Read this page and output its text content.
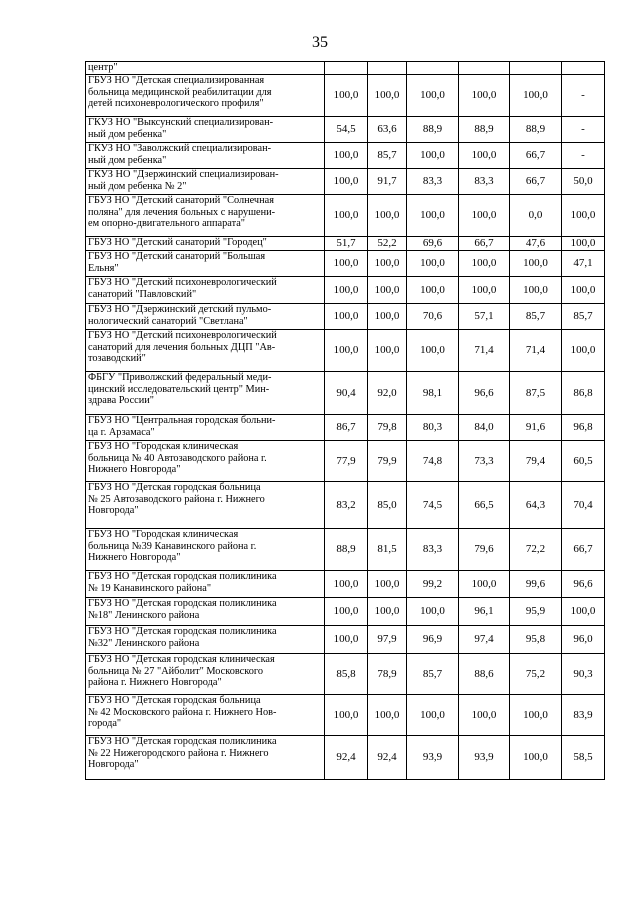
35
центр"						
ГБУЗ НО "Детская специализированная
больница медицинской реабилитации для
детей психоневрологического профиля"	100,0	100,0	100,0	100,0	100,0	-
ГКУЗ НО "Выксунский специализирован-
ный дом ребенка"	54,5	63,6	88,9	88,9	88,9	-
ГКУЗ НО "Заволжский специализирован-
ный дом ребенка"	100,0	85,7	100,0	100,0	66,7	-
ГКУЗ НО "Дзержинский специализирован-
ный дом ребенка № 2"	100,0	91,7	83,3	83,3	66,7	50,0
ГБУЗ НО "Детский санаторий "Солнечная
поляна" для лечения больных с нарушени-
ем опорно-двигательного аппарата"	100,0	100,0	100,0	100,0	0,0	100,0
ГБУЗ НО "Детский санаторий "Городец"	51,7	52,2	69,6	66,7	47,6	100,0
ГБУЗ НО "Детский санаторий "Большая
Ельня"	100,0	100,0	100,0	100,0	100,0	47,1
ГБУЗ НО "Детский психоневрологический
санаторий "Павловский"	100,0	100,0	100,0	100,0	100,0	100,0
ГБУЗ НО "Дзержинский детский пульмо-
нологический санаторий "Светлана"	100,0	100,0	70,6	57,1	85,7	85,7
ГБУЗ НО "Детский психоневрологический
санаторий для лечения больных ДЦП "Ав-
тозаводский"	100,0	100,0	100,0	71,4	71,4	100,0
ФБГУ "Приволжский федеральный меди-
цинский исследовательский центр" Мин-
здрава России"	90,4	92,0	98,1	96,6	87,5	86,8
ГБУЗ НО "Центральная городская больни-
ца г. Арзамаса"	86,7	79,8	80,3	84,0	91,6	96,8
ГБУЗ НО "Городская клиническая
больница № 40 Автозаводского района г.
Нижнего Новгорода"	77,9	79,9	74,8	73,3	79,4	60,5
ГБУЗ НО "Детская городская больница
№ 25 Автозаводского района г. Нижнего
Новгорода"	83,2	85,0	74,5	66,5	64,3	70,4
ГБУЗ НО "Городская клиническая
больница №39 Канавинского района г.
Нижнего Новгорода"	88,9	81,5	83,3	79,6	72,2	66,7
ГБУЗ НО "Детская городская поликлиника
№ 19 Канавинского района"	100,0	100,0	99,2	100,0	99,6	96,6
ГБУЗ НО "Детская городская поликлиника
№18" Ленинского района	100,0	100,0	100,0	96,1	95,9	100,0
ГБУЗ НО "Детская городская поликлиника
№32" Ленинского района	100,0	97,9	96,9	97,4	95,8	96,0
ГБУЗ НО "Детская городская клиническая
больница № 27 "Айболит" Московского
района г. Нижнего Новгорода"	85,8	78,9	85,7	88,6	75,2	90,3
ГБУЗ НО "Детская городская больница
№ 42 Московского района г. Нижнего Нов-
города"	100,0	100,0	100,0	100,0	100,0	83,9
ГБУЗ НО "Детская городская поликлиника
№ 22 Нижегородского района г. Нижнего
Новгорода"	92,4	92,4	93,9	93,9	100,0	58,5
